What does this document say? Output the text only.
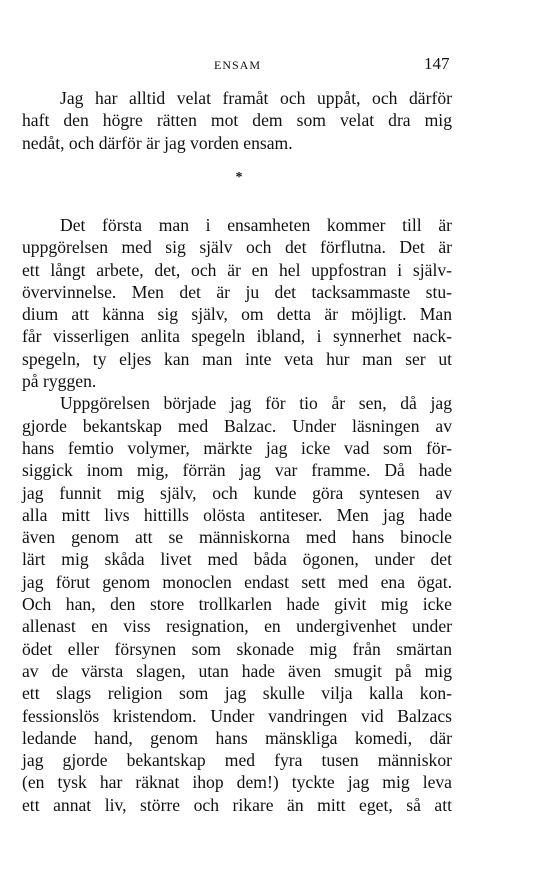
ENSAM	147
Jag har alltid velat framåt och uppåt, och därför
haft den högre rätten mot dem som velat dra mig
nedåt, och därför är jag vorden ensam.
*
Det första man i ensamheten kommer till är
uppgörelsen med sig själv och det förflutna. Det är
ett långt arbete, det, och är en hel uppfostran i själv-
övervinnelse. Men det är ju det tacksammaste stu-
dium att känna sig själv, om detta är möjligt. Man
får visserligen anlita spegeln ibland, i synnerhet nack-
spegeln, ty eljes kan man inte veta hur man ser ut
på ryggen.
Uppgörelsen började jag för tio år sen, då jag
gjorde bekantskap med Balzac. Under läsningen av
hans femtio volymer, märkte jag icke vad som för-
siggick inom mig, förrän jag var framme. Då hade
jag funnit mig själv, och kunde göra syntesen av
alla mitt livs hittills olösta antiteser. Men jag hade
även genom att se människorna med hans binocle
lärt mig skåda livet med båda ögonen, under det
jag förut genom monoclen endast sett med ena ögat.
Och han, den store trollkarlen hade givit mig icke
allenast en viss resignation, en undergivenhet under
ödet eller försynen som skonade mig från smärtan
av de värsta slagen, utan hade även smugit på mig
ett slags religion som jag skulle vilja kalla kon-
fessionslös kristendom. Under vandringen vid Balzacs
ledande hand, genom hans mänskliga komedi, där
jag gjorde bekantskap med fyra tusen människor
(en tysk har räknat ihop dem!) tyckte jag mig leva
ett annat liv, större och rikare än mitt eget, så att
